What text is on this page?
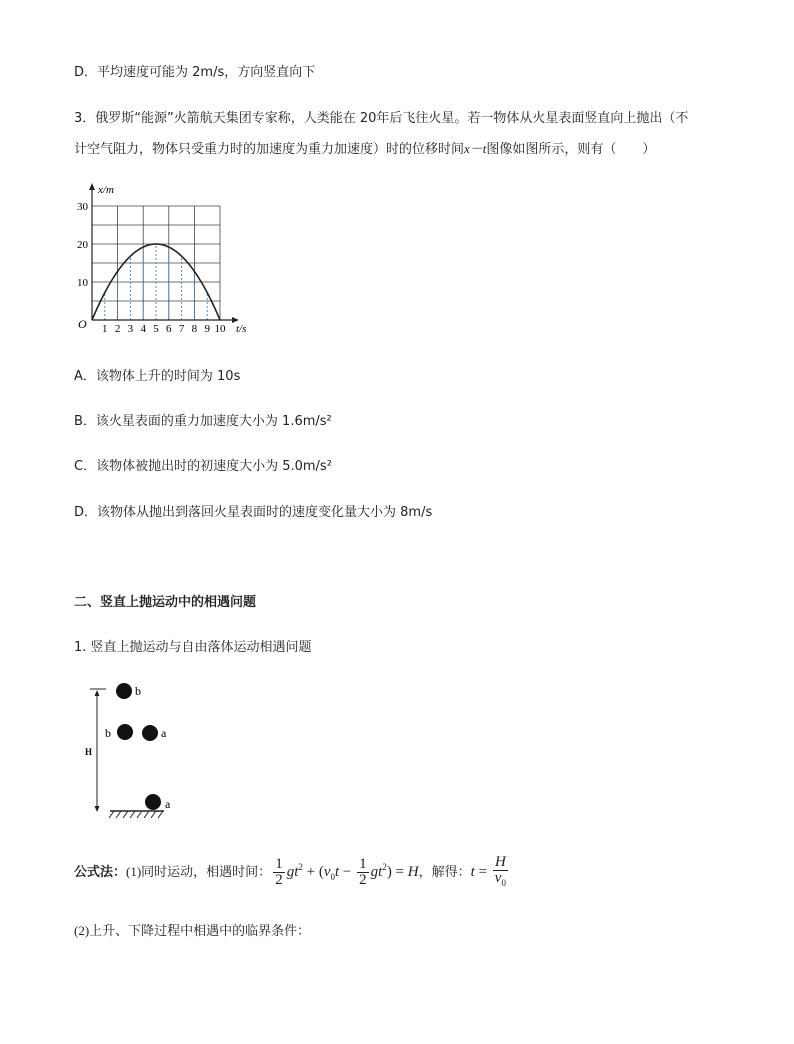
D．平均速度可能为 2m/s，方向竖直向下
3．俄罗斯“能源”火箭航天集团专家称，人类能在 20年后飞往火星。若一物体从火星表面竖直向上抛出（不
计空气阻力，物体只受重力时的加速度为重力加速度）时的位移时间x－t图像如图所示，则有（　　）
1 2 3 4 5 6 7 8 9 10
10
20
30
x/m
t/s
O
A．该物体上升的时间为 10s
B．该火星表面的重力加速度大小为 1.6m/s²
C．该物体被抛出时的初速度大小为 5.0m/s²
D．该物体从抛出到落回火星表面时的速度变化量大小为 8m/s
二、竖直上抛运动中的相遇问题
1. 竖直上抛运动与自由落体运动相遇问题
H
b
b	a
a
公式法：(1)同时运动，相遇时间： $\frac{1}{2} gt^2 + (v_0t - \frac{1}{2} gt^2) = H$，解得：$t = \frac{H}{v_0}$
(2)上升、下降过程中相遇中的临界条件：
